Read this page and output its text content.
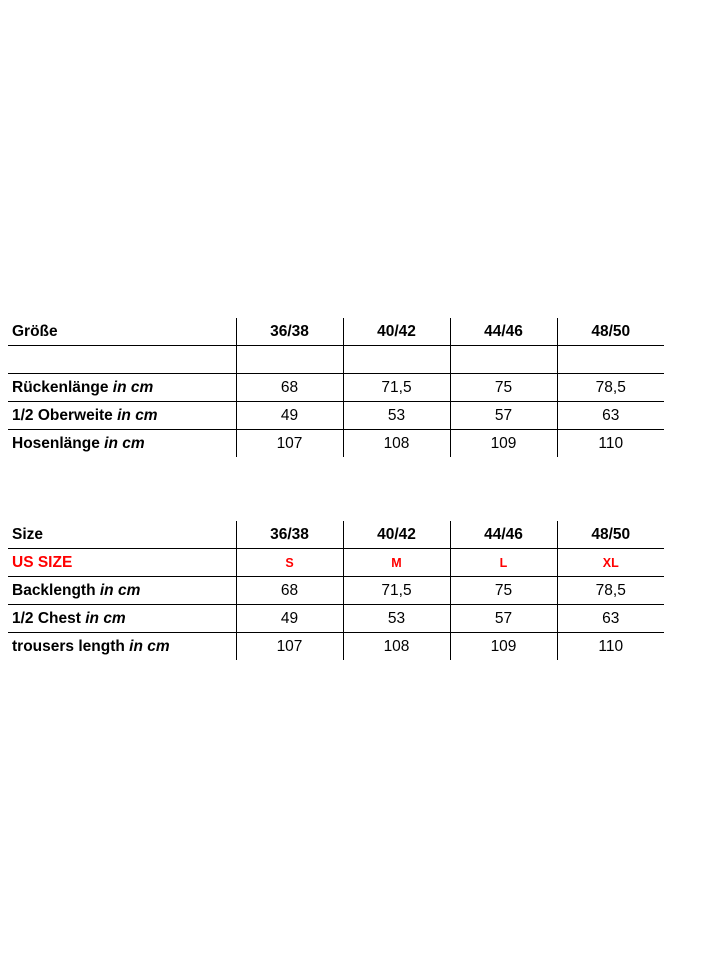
Größe	36/38	40/42	44/46	48/50

Rückenlänge in cm	68	71,5	75	78,5
1/2 Oberweite in cm	49	53	57	63
Hosenlänge in cm	107	108	109	110
Size	36/38	40/42	44/46	48/50
US SIZE	S	M	L	XL
Backlength in cm	68	71,5	75	78,5
1/2 Chest in cm	49	53	57	63
trousers length in cm	107	108	109	110
